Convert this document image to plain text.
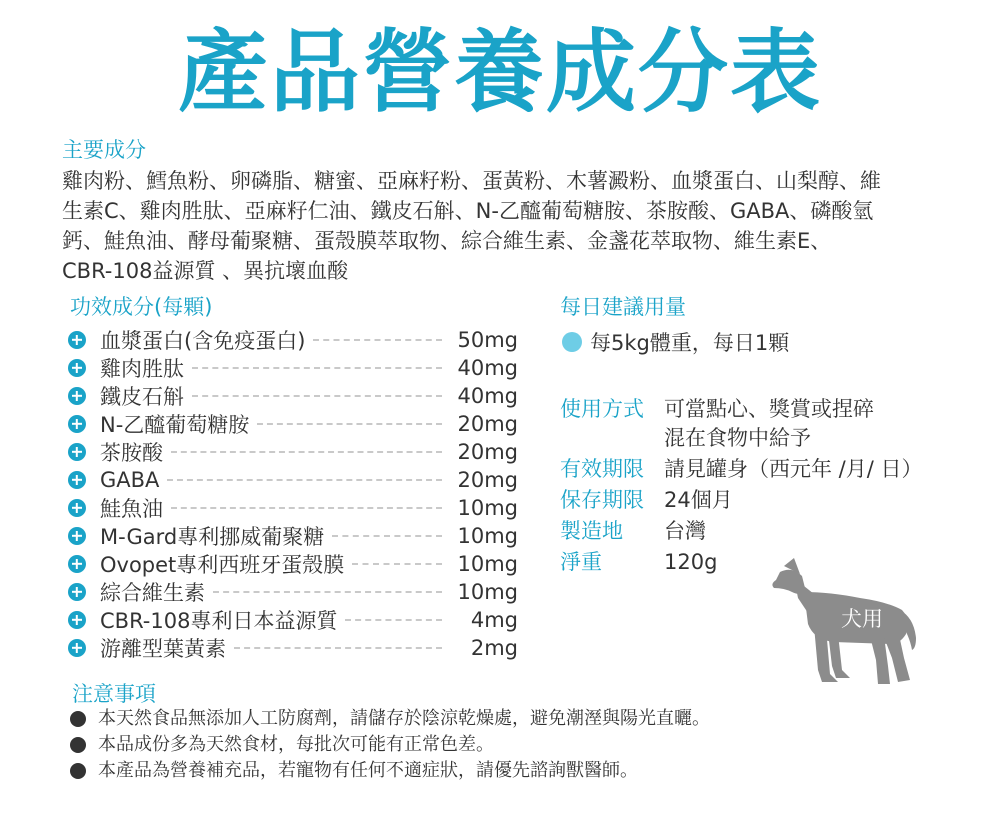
產品營養成分表
主要成分
雞肉粉、鱈魚粉、卵磷脂、糖蜜、亞麻籽粉、蛋黃粉、木薯澱粉、血漿蛋白、山梨醇、維
生素C、雞肉胜肽、亞麻籽仁油、鐵皮石斛、N-乙醯葡萄糖胺、茶胺酸、GABA、磷酸氫
鈣、鮭魚油、酵母葡聚糖、蛋殼膜萃取物、綜合維生素、金盞花萃取物、維生素E、
CBR-108益源質 、異抗壞血酸
功效成分(每顆)
血漿蛋白(含免疫蛋白)	50mg
雞肉胜肽	40mg
鐵皮石斛	40mg
N-乙醯葡萄糖胺	20mg
茶胺酸	20mg
GABA	20mg
鮭魚油	10mg
M-Gard專利挪威葡聚糖	10mg
Ovopet專利西班牙蛋殼膜	10mg
綜合維生素	10mg
CBR-108專利日本益源質	4mg
游離型葉黃素	2mg
每日建議用量
每5kg體重，每日1顆
使用方式 可當點心、獎賞或捏碎
混在食物中給予
有效期限 請見罐身（西元年 /月/ 日）
保存期限 24個月
製造地	台灣
淨重	120g
犬用
注意事項
本天然食品無添加人工防腐劑，請儲存於陰涼乾燥處，避免潮溼與陽光直曬。
本品成份多為天然食材，每批次可能有正常色差。
本產品為營養補充品，若寵物有任何不適症狀，請優先諮詢獸醫師。
